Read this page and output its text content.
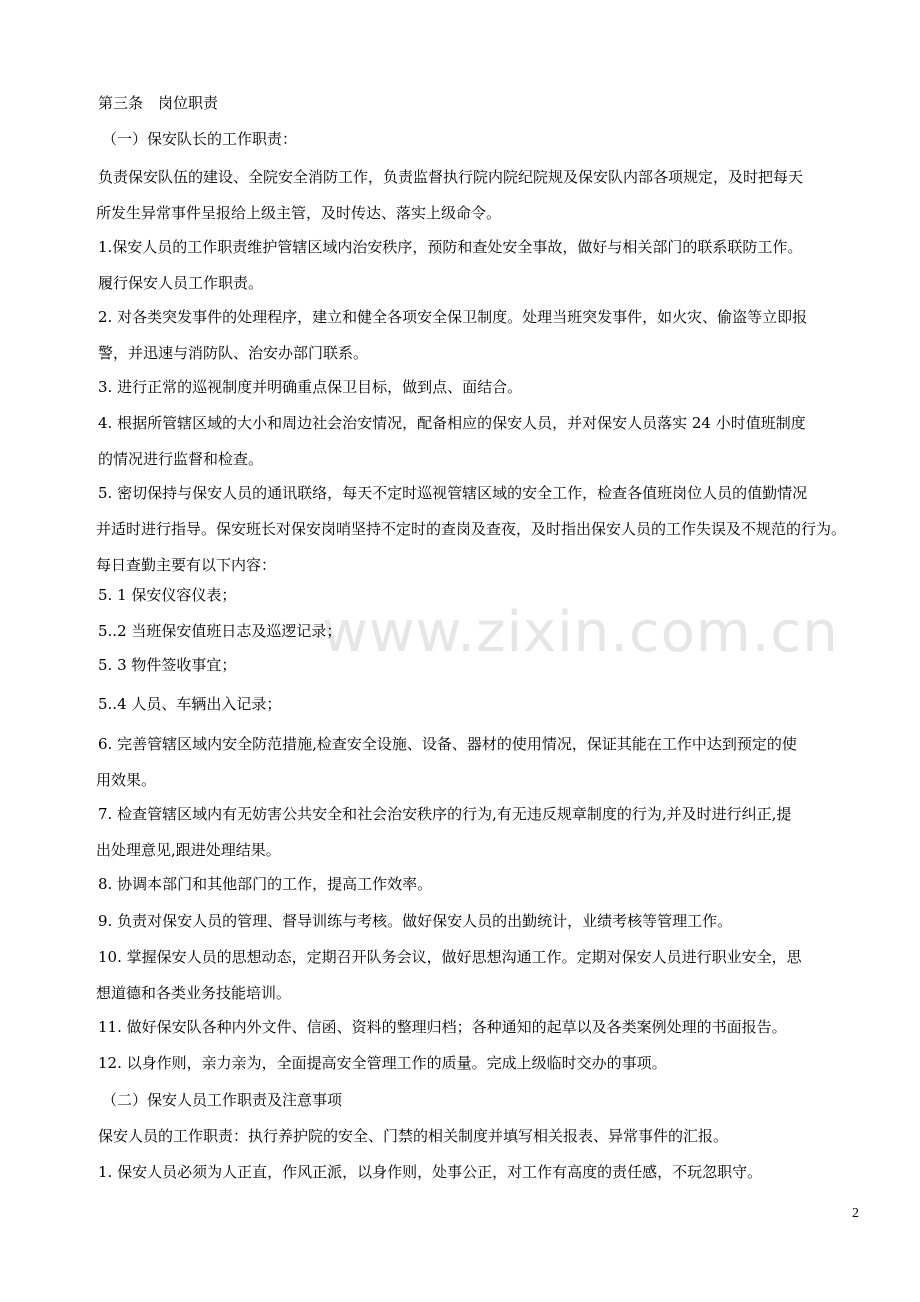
www.zixin.com.cn

第三条　岗位职责

（一）保安队长的工作职责：

负责保安队伍的建设、全院安全消防工作，负责监督执行院内院纪院规及保安队内部各项规定，及时把每天
所发生异常事件呈报给上级主管，及时传达、落实上级命令。

1.保安人员的工作职责维护管辖区域内治安秩序，预防和查处安全事故，做好与相关部门的联系联防工作。
履行保安人员工作职责。

2. 对各类突发事件的处理程序，建立和健全各项安全保卫制度。处理当班突发事件，如火灾、偷盗等立即报
警，并迅速与消防队、治安办部门联系。

3. 进行正常的巡视制度并明确重点保卫目标，做到点、面结合。

4. 根据所管辖区域的大小和周边社会治安情况，配备相应的保安人员，并对保安人员落实 24 小时值班制度
的情况进行监督和检查。

5. 密切保持与保安人员的通讯联络，每天不定时巡视管辖区域的安全工作，检查各值班岗位人员的值勤情况
并适时进行指导。保安班长对保安岗哨坚持不定时的查岗及查夜，及时指出保安人员的工作失误及不规范的行为。
每日查勤主要有以下内容：

5. 1 保安仪容仪表；

5..2 当班保安值班日志及巡逻记录；

5. 3 物件签收事宜；

5..4 人员、车辆出入记录；

6. 完善管辖区域内安全防范措施,检查安全设施、设备、器材的使用情况，保证其能在工作中达到预定的使
用效果。

7. 检查管辖区域内有无妨害公共安全和社会治安秩序的行为,有无违反规章制度的行为,并及时进行纠正,提
出处理意见,跟进处理结果。

8. 协调本部门和其他部门的工作，提高工作效率。

9. 负责对保安人员的管理、督导训练与考核。做好保安人员的出勤统计，业绩考核等管理工作。

10. 掌握保安人员的思想动态，定期召开队务会议，做好思想沟通工作。定期对保安人员进行职业安全，思
想道德和各类业务技能培训。

11. 做好保安队各种内外文件、信函、资料的整理归档；各种通知的起草以及各类案例处理的书面报告。

12. 以身作则，亲力亲为，全面提高安全管理工作的质量。完成上级临时交办的事项。

（二）保安人员工作职责及注意事项

保安人员的工作职责：执行养护院的安全、门禁的相关制度并填写相关报表、异常事件的汇报。

1. 保安人员必须为人正直，作风正派，以身作则，处事公正，对工作有高度的责任感，不玩忽职守。

2
